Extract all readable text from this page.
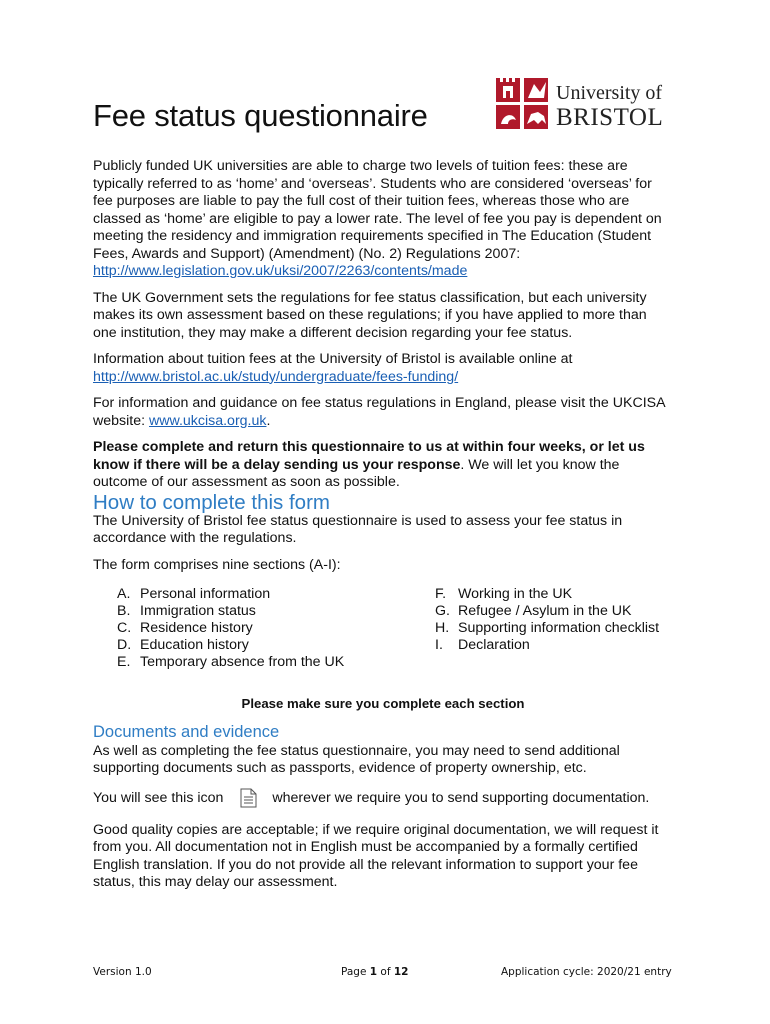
Fee status questionnaire
University of
BRISTOL

Publicly funded UK universities are able to charge two levels of tuition fees: these are typically referred to as ‘home’ and ‘overseas’. Students who are considered ‘overseas’ for fee purposes are liable to pay the full cost of their tuition fees, whereas those who are classed as ‘home’ are eligible to pay a lower rate. The level of fee you pay is dependent on meeting the residency and immigration requirements specified in The Education (Student Fees, Awards and Support) (Amendment) (No. 2) Regulations 2007:
http://www.legislation.gov.uk/uksi/2007/2263/contents/made

The UK Government sets the regulations for fee status classification, but each university makes its own assessment based on these regulations; if you have applied to more than one institution, they may make a different decision regarding your fee status.

Information about tuition fees at the University of Bristol is available online at
http://www.bristol.ac.uk/study/undergraduate/fees-funding/

For information and guidance on fee status regulations in England, please visit the UKCISA website: www.ukcisa.org.uk.

Please complete and return this questionnaire to us at within four weeks, or let us know if there will be a delay sending us your response. We will let you know the outcome of our assessment as soon as possible.

How to complete this form

The University of Bristol fee status questionnaire is used to assess your fee status in accordance with the regulations.

The form comprises nine sections (A-I):

A. Personal information
B. Immigration status
C. Residence history
D. Education history
E. Temporary absence from the UK
F. Working in the UK
G. Refugee / Asylum in the UK
H. Supporting information checklist
I.	Declaration

Please make sure you complete each section

Documents and evidence

As well as completing the fee status questionnaire, you may need to send additional supporting documents such as passports, evidence of property ownership, etc.

You will see this icon	wherever we require you to send supporting documentation.

Good quality copies are acceptable; if we require original documentation, we will request it from you. All documentation not in English must be accompanied by a formally certified English translation. If you do not provide all the relevant information to support your fee status, this may delay our assessment.

Version 1.0	Page 1 of 12	Application cycle: 2020/21 entry
